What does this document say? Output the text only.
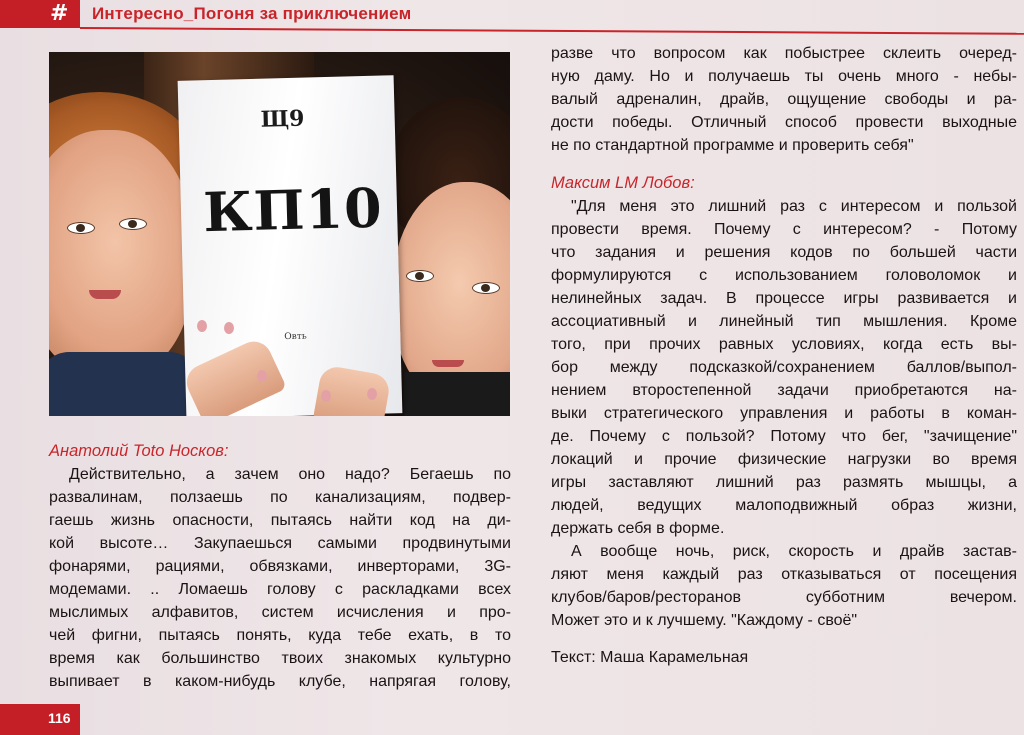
# Интересно_Погоня за приключением
Щ9
КП10
Овть
Анатолий Toto Носков:
Действительно, а зачем оно надо? Бегаешь по
развалинам, ползаешь по канализациям, подвер-
гаешь жизнь опасности, пытаясь найти код на ди-
кой высоте… Закупаешься самыми продвинутыми
фонарями, рациями, обвязками, инверторами, 3G-
модемами. .. Ломаешь голову с раскладками всех
мыслимых алфавитов, систем исчисления и про-
чей фигни, пытаясь понять, куда тебе ехать, в то
время как большинство твоих знакомых культурно
выпивает в каком-нибудь клубе, напрягая голову,
разве что вопросом как побыстрее склеить очеред-
ную даму. Но и получаешь ты очень много - небы-
валый адреналин, драйв, ощущение свободы и ра-
дости победы. Отличный способ провести выходные
не по стандартной программе и проверить себя"
Максим LM Лобов:
"Для меня это лишний раз с интересом и пользой
провести время. Почему с интересом? - Потому
что задания и решения кодов по большей части
формулируются с использованием головоломок и
нелинейных задач. В процессе игры развивается и
ассоциативный и линейный тип мышления. Кроме
того, при прочих равных условиях, когда есть вы-
бор между подсказкой/сохранением баллов/выпол-
нением второстепенной задачи приобретаются на-
выки стратегического управления и работы в коман-
де. Почему с пользой? Потому что бег, "зачищение"
локаций и прочие физические нагрузки во время
игры заставляют лишний раз размять мышцы, а
людей, ведущих малоподвижный образ жизни,
держать себя в форме.
А вообще ночь, риск, скорость и драйв застав-
ляют меня каждый раз отказываться от посещения
клубов/баров/ресторанов субботним вечером.
Может это и к лучшему. "Каждому - своё"
Текст: Маша Карамельная
116
